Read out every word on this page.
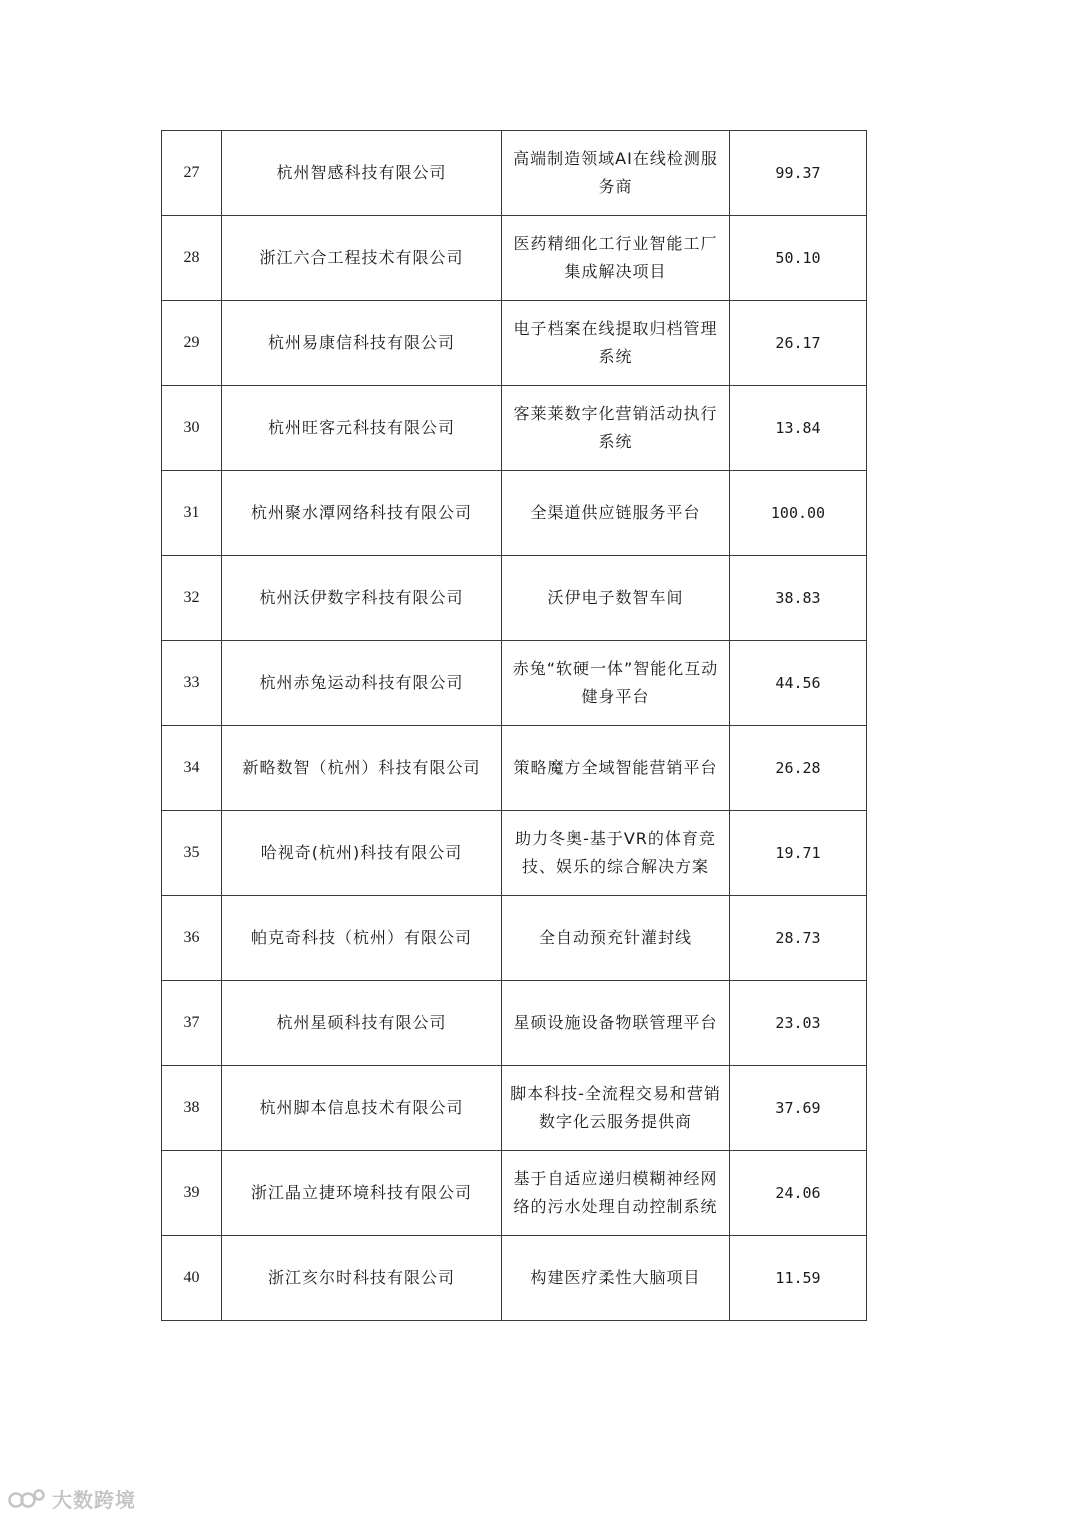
27	杭州智感科技有限公司	高端制造领域AI在线检测服务商	99.37
28	浙江六合工程技术有限公司	医药精细化工行业智能工厂集成解决项目	50.10
29	杭州易康信科技有限公司	电子档案在线提取归档管理系统	26.17
30	杭州旺客元科技有限公司	客莱莱数字化营销活动执行系统	13.84
31	杭州聚水潭网络科技有限公司	全渠道供应链服务平台	100.00
32	杭州沃伊数字科技有限公司	沃伊电子数智车间	38.83
33	杭州赤兔运动科技有限公司	赤兔“软硬一体”智能化互动健身平台	44.56
34	新略数智（杭州）科技有限公司	策略魔方全域智能营销平台	26.28
35	哈视奇(杭州)科技有限公司	助力冬奥-基于VR的体育竞技、娱乐的综合解决方案	19.71
36	帕克奇科技（杭州）有限公司	全自动预充针灌封线	28.73
37	杭州星硕科技有限公司	星硕设施设备物联管理平台	23.03
38	杭州脚本信息技术有限公司	脚本科技-全流程交易和营销数字化云服务提供商	37.69
39	浙江晶立捷环境科技有限公司	基于自适应递归模糊神经网络的污水处理自动控制系统	24.06
40	浙江亥尔时科技有限公司	构建医疗柔性大脑项目	11.59
大数跨境
